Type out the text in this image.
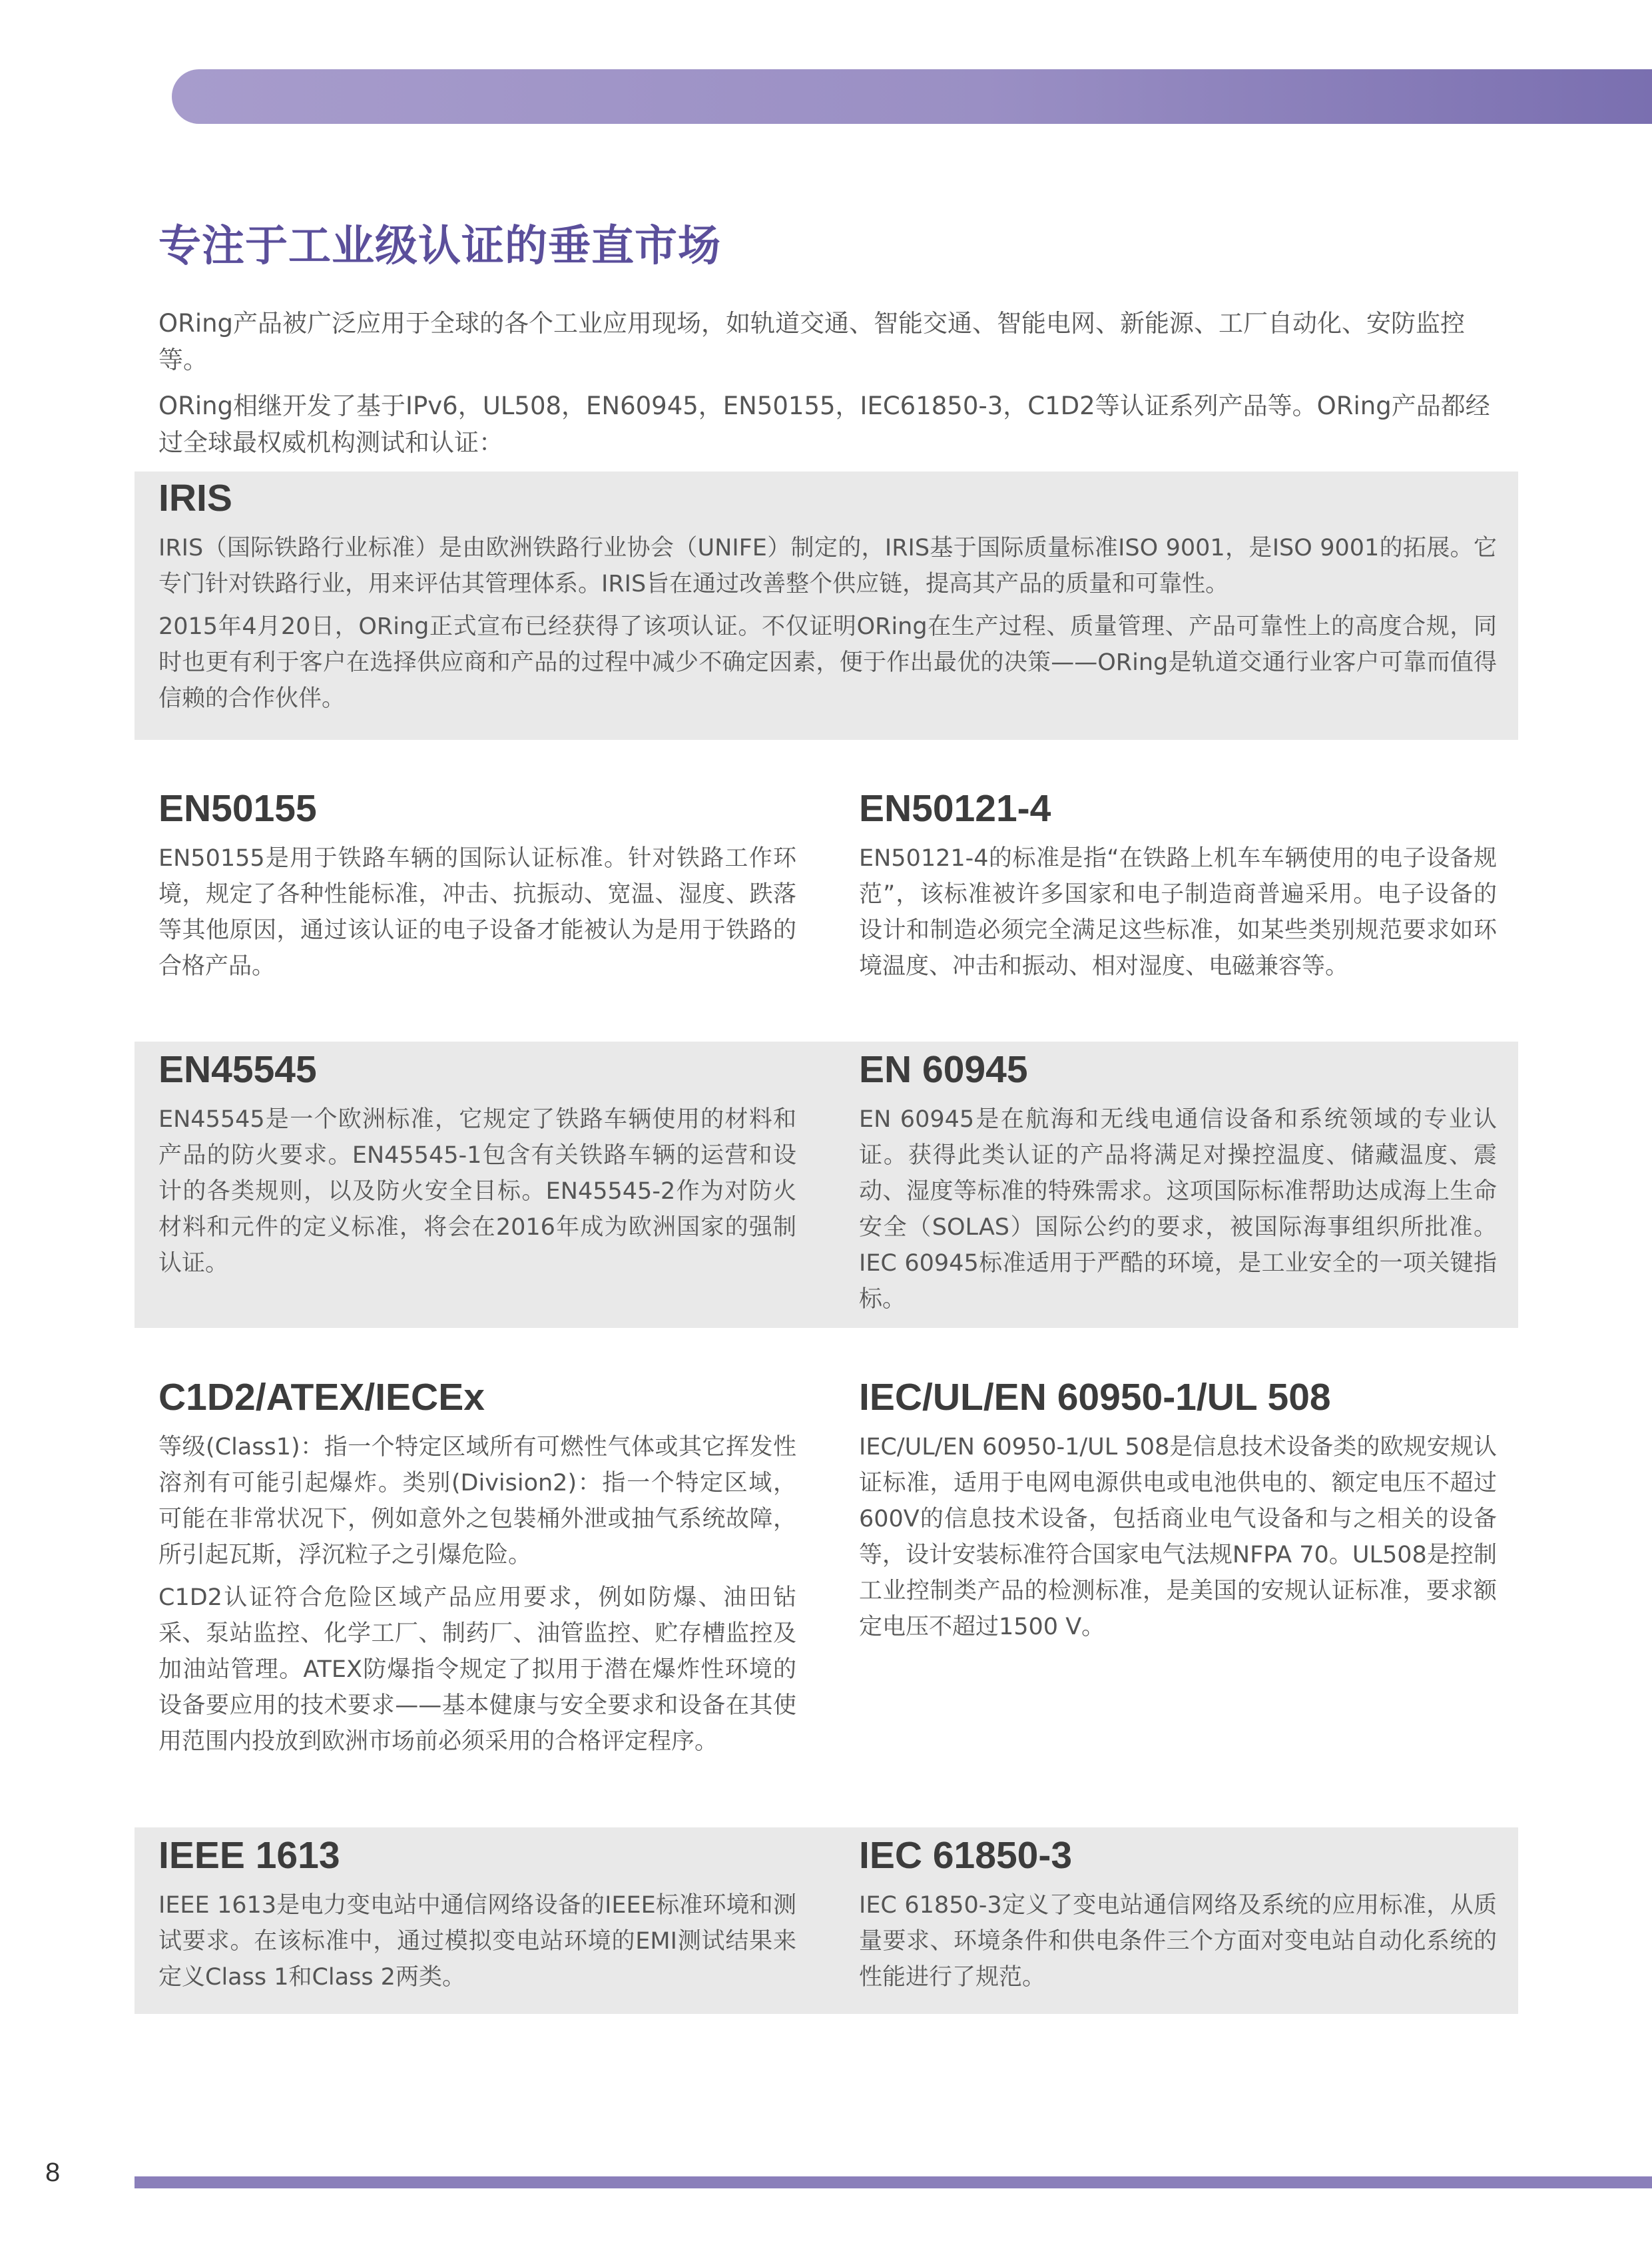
专注于工业级认证的垂直市场

ORing产品被广泛应用于全球的各个工业应用现场，如轨道交通、智能交通、智能电网、新能源、工厂自动化、安防监控等。

ORing相继开发了基于IPv6，UL508，EN60945，EN50155，IEC61850-3，C1D2等认证系列产品等。ORing产品都经过全球最权威机构测试和认证：

IRIS

IRIS（国际铁路行业标准）是由欧洲铁路行业协会（UNIFE）制定的，IRIS基于国际质量标准ISO 9001，是ISO 9001的拓展。它专门针对铁路行业，用来评估其管理体系。IRIS旨在通过改善整个供应链，提高其产品的质量和可靠性。

2015年4月20日，ORing正式宣布已经获得了该项认证。不仅证明ORing在生产过程、质量管理、产品可靠性上的高度合规，同时也更有利于客户在选择供应商和产品的过程中减少不确定因素，便于作出最优的决策——ORing是轨道交通行业客户可靠而值得信赖的合作伙伴。

EN50155

EN50155是用于铁路车辆的国际认证标准。针对铁路工作环境，规定了各种性能标准，冲击、抗振动、宽温、湿度、跌落等其他原因，通过该认证的电子设备才能被认为是用于铁路的合格产品。

EN50121-4

EN50121-4的标准是指“在铁路上机车车辆使用的电子设备规范”，该标准被许多国家和电子制造商普遍采用。电子设备的设计和制造必须完全满足这些标准，如某些类别规范要求如环境温度、冲击和振动、相对湿度、电磁兼容等。

EN45545

EN45545是一个欧洲标准，它规定了铁路车辆使用的材料和产品的防火要求。EN45545-1包含有关铁路车辆的运营和设计的各类规则，以及防火安全目标。EN45545-2作为对防火材料和元件的定义标准，将会在2016年成为欧洲国家的强制认证。

EN 60945

EN 60945是在航海和无线电通信设备和系统领域的专业认证。获得此类认证的产品将满足对操控温度、储藏温度、震动、湿度等标准的特殊需求。这项国际标准帮助达成海上生命安全（SOLAS）国际公约的要求，被国际海事组织所批准。IEC 60945标准适用于严酷的环境，是工业安全的一项关键指标。

C1D2/ATEX/IECEx

等级(Class1)：指一个特定区域所有可燃性气体或其它挥发性溶剂有可能引起爆炸。类别(Division2)：指一个特定区域，可能在非常状况下，例如意外之包裝桶外泄或抽气系统故障，所引起瓦斯，浮沉粒子之引爆危险。

C1D2认证符合危险区域产品应用要求，例如防爆、油田钻采、泵站监控、化学工厂、制药厂、油管监控、贮存槽监控及加油站管理。ATEX防爆指令规定了拟用于潜在爆炸性环境的设备要应用的技术要求——基本健康与安全要求和设备在其使用范围内投放到欧洲市场前必须采用的合格评定程序。

IEC/UL/EN 60950-1/UL 508

IEC/UL/EN 60950-1/UL 508是信息技术设备类的欧规安规认证标准，适用于电网电源供电或电池供电的、额定电压不超过600V的信息技术设备，包括商业电气设备和与之相关的设备等，设计安装标准符合国家电气法规NFPA 70。UL508是控制工业控制类产品的检测标准，是美国的安规认证标准，要求额定电压不超过1500 V。

IEEE 1613

IEEE 1613是电力变电站中通信网络设备的IEEE标准环境和测试要求。在该标准中，通过模拟变电站环境的EMI测试结果来定义Class 1和Class 2两类。

IEC 61850-3

IEC 61850-3定义了变电站通信网络及系统的应用标准，从质量要求、环境条件和供电条件三个方面对变电站自动化系统的性能进行了规范。

8
